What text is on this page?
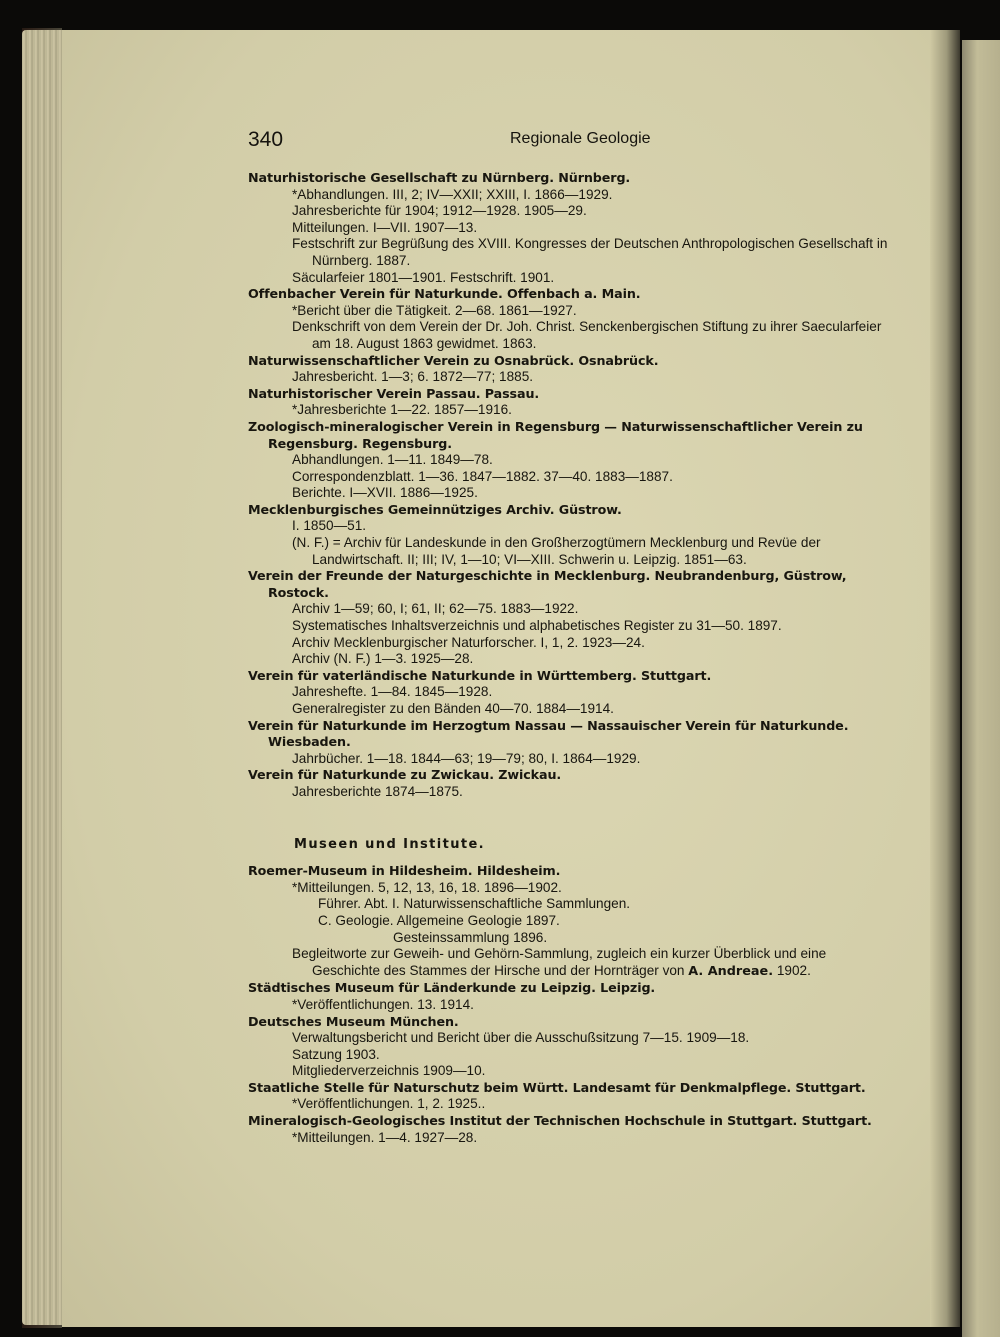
340	Regionale Geologie
Naturhistorische Gesellschaft zu Nürnberg. Nürnberg.
*Abhandlungen. III, 2; IV—XXII; XXIII, I. 1866—1929.
Jahresberichte für 1904; 1912—1928. 1905—29.
Mitteilungen. I—VII. 1907—13.
Festschrift zur Begrüßung des XVIII. Kongresses der Deutschen Anthropologischen Gesellschaft in Nürnberg. 1887.
Säcularfeier 1801—1901. Festschrift. 1901.
Offenbacher Verein für Naturkunde. Offenbach a. Main.
*Bericht über die Tätigkeit. 2—68. 1861—1927.
Denkschrift von dem Verein der Dr. Joh. Christ. Senckenbergischen Stiftung zu ihrer Saecularfeier am 18. August 1863 gewidmet. 1863.
Naturwissenschaftlicher Verein zu Osnabrück. Osnabrück.
Jahresbericht. 1—3; 6. 1872—77; 1885.
Naturhistorischer Verein Passau. Passau.
*Jahresberichte 1—22. 1857—1916.
Zoologisch-mineralogischer Verein in Regensburg — Naturwissenschaftlicher Verein zu Regensburg. Regensburg.
Abhandlungen. 1—11. 1849—78.
Correspondenzblatt. 1—36. 1847—1882. 37—40. 1883—1887.
Berichte. I—XVII. 1886—1925.
Mecklenburgisches Gemeinnütziges Archiv. Güstrow.
I. 1850—51.
(N. F.) = Archiv für Landeskunde in den Großherzogtümern Mecklenburg und Revüe der Landwirtschaft. II; III; IV, 1—10; VI—XIII. Schwerin u. Leipzig. 1851—63.
Verein der Freunde der Naturgeschichte in Mecklenburg. Neubrandenburg, Güstrow, Rostock.
Archiv 1—59; 60, I; 61, II; 62—75. 1883—1922.
Systematisches Inhaltsverzeichnis und alphabetisches Register zu 31—50. 1897.
Archiv Mecklenburgischer Naturforscher. I, 1, 2. 1923—24.
Archiv (N. F.) 1—3. 1925—28.
Verein für vaterländische Naturkunde in Württemberg. Stuttgart.
Jahreshefte. 1—84. 1845—1928.
Generalregister zu den Bänden 40—70. 1884—1914.
Verein für Naturkunde im Herzogtum Nassau — Nassauischer Verein für Naturkunde. Wiesbaden.
Jahrbücher. 1—18. 1844—63; 19—79; 80, I. 1864—1929.
Verein für Naturkunde zu Zwickau. Zwickau.
Jahresberichte 1874—1875.
Museen und Institute.
Roemer-Museum in Hildesheim. Hildesheim.
*Mitteilungen. 5, 12, 13, 16, 18. 1896—1902.
Führer. Abt. I. Naturwissenschaftliche Sammlungen.
C. Geologie. Allgemeine Geologie 1897.
Gesteinssammlung 1896.
Begleitworte zur Geweih- und Gehörn-Sammlung, zugleich ein kurzer Überblick und eine Geschichte des Stammes der Hirsche und der Hornträger von A. Andreae. 1902.
Städtisches Museum für Länderkunde zu Leipzig. Leipzig.
*Veröffentlichungen. 13. 1914.
Deutsches Museum München.
Verwaltungsbericht und Bericht über die Ausschußsitzung 7—15. 1909—18.
Satzung 1903.
Mitgliederverzeichnis 1909—10.
Staatliche Stelle für Naturschutz beim Württ. Landesamt für Denkmalpflege. Stuttgart.
*Veröffentlichungen. 1, 2. 1925..
Mineralogisch-Geologisches Institut der Technischen Hochschule in Stuttgart. Stuttgart.
*Mitteilungen. 1—4. 1927—28.
